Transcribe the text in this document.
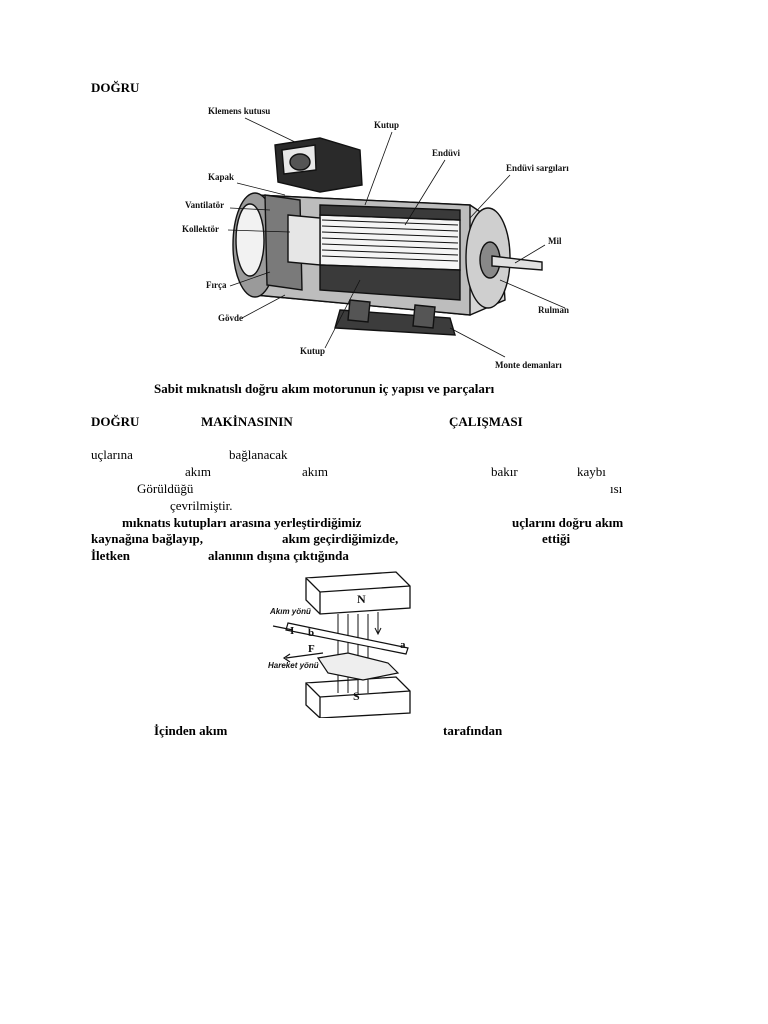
DOĞRU
Klemens kutusu
Kutup
Endüvi
Endüvi sargıları
Kapak
Vantilatör
Kollektör
Mil
Fırça
Rulman
Gövde
Kutup
Monte demanları
Sabit mıknatıslı doğru akım motorunun iç yapısı ve parçaları
DOĞRU	MAKİNASININ	ÇALIŞMASI
uçlarına	bağlanacak
akım	akım	bakır	kaybı
Görüldüğü	ısı
çevrilmiştir.
mıknatıs kutupları arasına yerleştirdiğimiz	uçlarını doğru akım
kaynağına bağlayıp,	akım geçirdiğimizde,	ettiği
İletken	alanının dışına çıktığında
N
S
Akım yönü
I b
F	a
Hareket yönü
İçinden akım	tarafından
